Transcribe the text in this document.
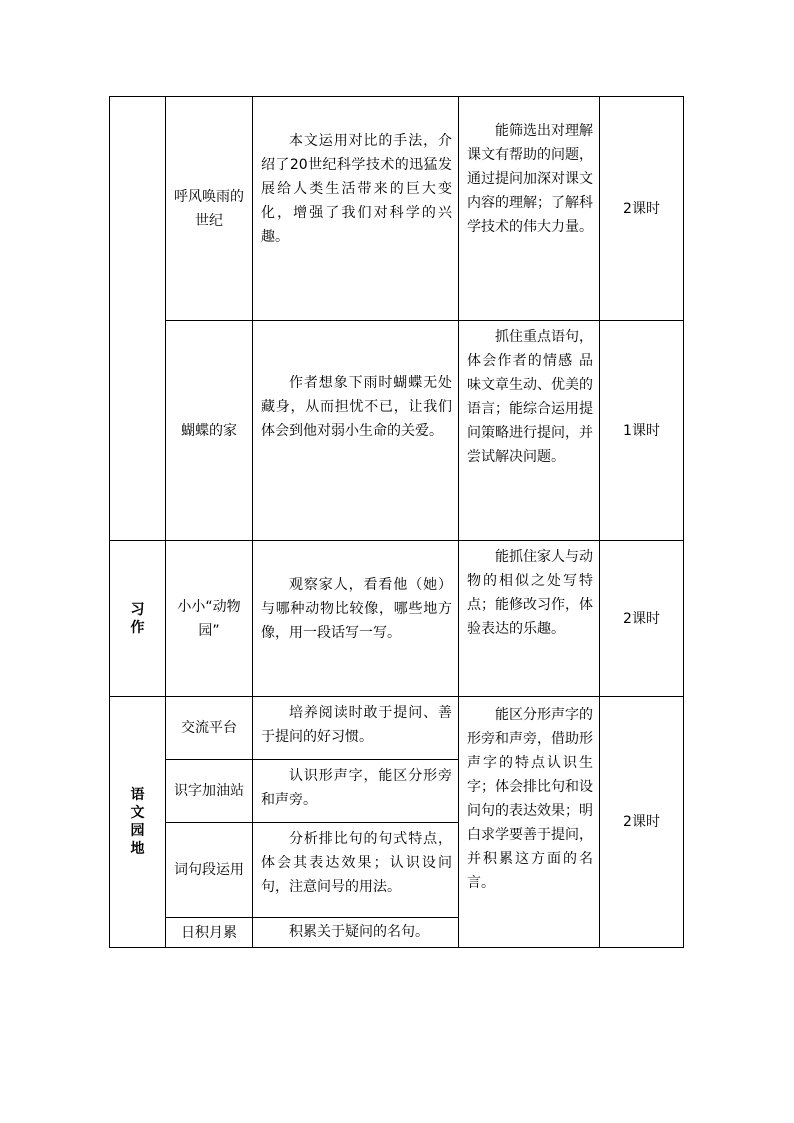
呼风唤雨的世纪
本文运用对比的手法，介绍了20世纪科学技术的迅猛发展给人类生活带来的巨大变化，增强了我们对科学的兴趣。
能筛选出对理解课文有帮助的问题，通过提问加深对课文内容的理解；了解科学技术的伟大力量。
2课时
蝴蝶的家
作者想象下雨时蝴蝶无处藏身，从而担忧不已，让我们体会到他对弱小生命的关爱。
抓住重点语句，体会作者的情感 品味文章生动、优美的语言；能综合运用提问策略进行提问，并尝试解决问题。
1课时
习作
小小“动物园”
观察家人，看看他（她）与哪种动物比较像，哪些地方像，用一段话写一写。
能抓住家人与动物的相似之处写特点；能修改习作，体验表达的乐趣。
2课时
语文园地
交流平台
培养阅读时敢于提问、善于提问的好习惯。
识字加油站
认识形声字，能区分形旁和声旁。
词句段运用
分析排比句的句式特点，体会其表达效果；认识设问句，注意问号的用法。
日积月累	积累关于疑问的名句。
能区分形声字的形旁和声旁，借助形声字的特点认识生字；体会排比句和设问句的表达效果；明白求学要善于提问，并积累这方面的名言。
2课时
